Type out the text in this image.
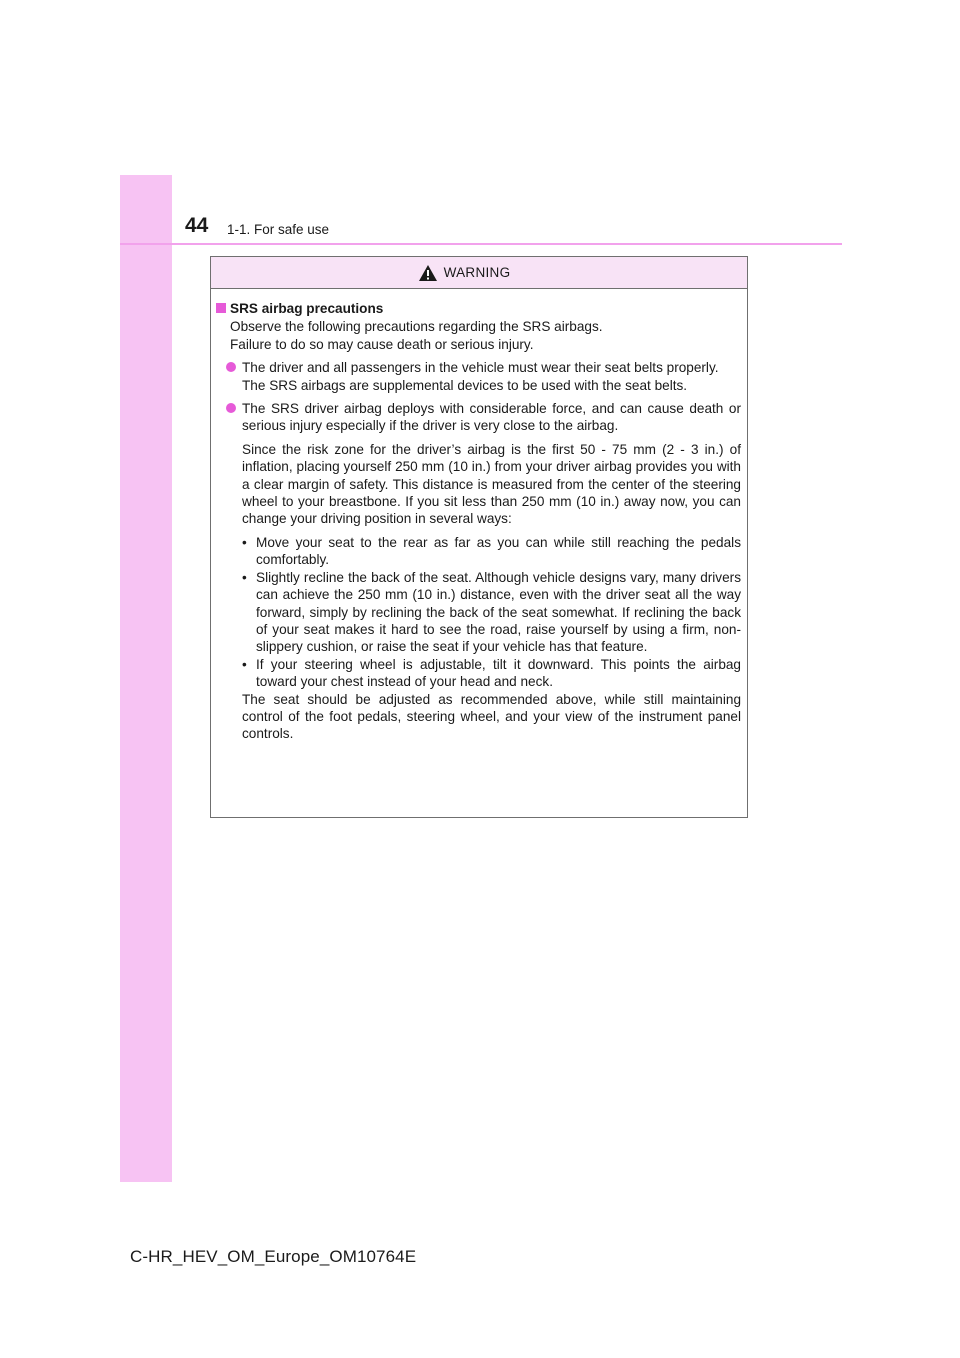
44 1-1. For safe use
WARNING
SRS airbag precautions
Observe the following precautions regarding the SRS airbags.
Failure to do so may cause death or serious injury.

The driver and all passengers in the vehicle must wear their seat belts properly.

The SRS airbags are supplemental devices to be used with the seat belts.

The SRS driver airbag deploys with considerable force, and can cause death or serious injury especially if the driver is very close to the airbag.

Since the risk zone for the driver’s airbag is the first 50 - 75 mm (2 - 3 in.) of inflation, placing yourself 250 mm (10 in.) from your driver airbag provides you with a clear margin of safety. This distance is measured from the center of the steering wheel to your breastbone. If you sit less than 250 mm (10 in.) away now, you can change your driving position in several ways:

• Move your seat to the rear as far as you can while still reaching the pedals comfortably.
• Slightly recline the back of the seat. Although vehicle designs vary, many drivers can achieve the 250 mm (10 in.) distance, even with the driver seat all the way forward, simply by reclining the back of the seat somewhat. If reclining the back of your seat makes it hard to see the road, raise yourself by using a firm, non-slippery cushion, or raise the seat if your vehicle has that feature.
• If your steering wheel is adjustable, tilt it downward. This points the airbag toward your chest instead of your head and neck.

The seat should be adjusted as recommended above, while still maintaining control of the foot pedals, steering wheel, and your view of the instrument panel controls.

C-HR_HEV_OM_Europe_OM10764E
